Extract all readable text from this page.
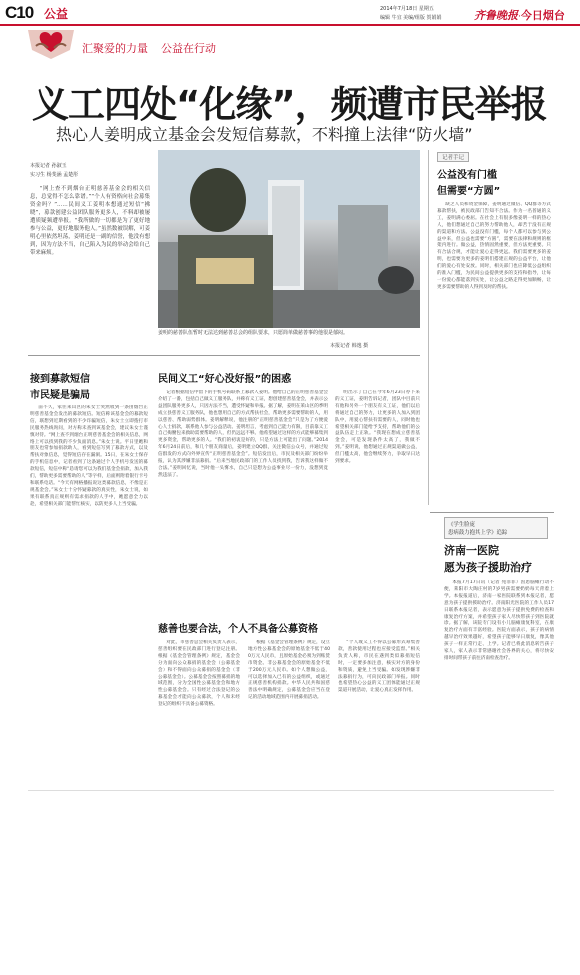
C10 公益	2014年7月18日 星期五
编辑 牛宜 美编/组版 贺娟娟	齐鲁晚报·今日烟台
汇聚爱的力量 公益在行动
义工四处“化缘”，频遭市民举报
热心人姜明成立基金会发短信募款，不料撞上法律“防火墙”
本报记者 孙淑玉
实习生 杨斐涵 孟楚彤

“网上查不到烟台正明慈善基金会的相关信息，总觉得不怎么靠谱。”“个人有资格向社会募集资金吗？”……民间义工姜明本想通过短信“拂晓”，募款创建公益团队服务更多人，不料却被屡遭质疑频遭举报。“我所做的一切都是为了更好地参与公益，更好地服务他人。”虽然数被误解，可姜明心里依然坦荡，姜明还是一副的信誉，他没有想到，因为方法不当，自己陷入为民的举动会给自己带来麻烦。

姜明的慈善队伍暂时无法达到慈善总会的组队要求，只愿简单做慈善事的他很是郁闷。
本报记者 韩逸 摄
记者手记
公益没有门槛
但需要“方圆”

缺乏人员和资金保障，姜明通过微信、QQ群等方式募款帮扶，被民政部门告知不合法。作为一名普通的义工，姜明满心委屈。在社会上有很多像姜明一样的热心人，他们想通过自己的努力帮助他人，却苦于没有正规的渠道和方法。公益没有门槛，每个人都可以参与到公益中来，但公益也需要“方圆”，需要在法律和规则的框架内进行。做公益，热情固然重要，但方法更重要。只有合法合规，才能让爱心走得更远。我们需要更多的姜明，也需要为更多的姜明们搭建正规的公益平台，让他们的爱心有处安放。同时，相关部门也应降低公益组织的准入门槛，为民间公益提供更多的支持和指导，让每一份爱心都能落到实处，让公益之路走得更加顺畅，让更多需要帮助的人得到及时的帮扶。

接到募款短信
市民疑是骗局

前不久，家住莱山区的朱女士突然收到一条由烟台正明慈善基金会发出的募款短信。短信称该基金会的募款短信，联想到近期看到的不少诈骗短信，朱女士立即拨打市民服务热线询问，对方称未查到该基金会，建议朱女士谨慎对待。“网上查不到烟台正明慈善基金会的相关信息，网络上可以找到我的不少负面消息。”朱女士说。平日里她和朋友也常参加捐款助人，看到短信写到了募款方式，以及帮扶对象信息，觉得短信存在漏洞。15日，在朱女士保存的手机信息中，记者看到了这条通过个人手机号发送的募款短信，短信中称“恳请您可以为我们基金会捐款，加入我们，帮助更多需要帮助的人”等字样，后面则附着银行卡号和联系电话。“今天有网格播报说这类募款信息，不像是正规基金会。”朱女士十分怀疑募款的真实性，朱女士说，如果有联系真正规则有需求捐款的人手中，她愿意全力以赴，希望相关部门能帮忙核实，以防更多人上当受骗。

民间义工“好心没好报”的困惑

记者根据短信中留下的手机号码联系上募款人姜明。他给自己的正明慈善基金会介绍了一番，包括自己做义工服务队，并称有义工证，想创建慈善基金会，并表示公益团队服务更多人，只因方法不当，遭受怀疑和举报。据了解，姜明在莱山区的季明成立县慈善义工服务队，他也想用自己的方式帮扶社会，帮助更多需要帮助的人，用以慈善、帮助弱势群体。姜明解释说，他注册的“正明慈善基金会”只是为了方便爱心人士捐款，联系他人参与公益活动。姜明坦言，考虑到自己能力有限，目前靠义工自己掏腰包来救助需要帮助的人，但仍远远不够。他希望通过这样的方式能够募集到更多资金，帮助更多的人。“我们的初衷是好的，只是方法上可能出了问题。”2014年6月24日前后，和几个朋友商量后，姜明建立QQ群，关注微信公众号，并通过短信群发的方式向外界宣传“正明慈善基金会”。短信发出后，市民及相关部门纷纷举报，认为其涉嫌非法募捐。“后来当地民政部门的工作人员找到我，告诉我这样做不合法。”姜明回忆说，当时他一头雾水，自己只是想为公益事业尽一份力，没想到竟然违法了。

明出示了自己在今年6月23日办下来的义工证，姜明告诉记者，团队中目前只有他和另外一个朋友有义工证，他们以后将通过自己的努力，让更多的人加入到团队中，用爱心帮扶有需要的人，同时他也希望相关部门能给予支持，帮助他们的公益队伍走上正轨。“我现在想成立慈善基金会，可是发现条件太高了，我做不到。”姜明说，他想通过正规渠道做公益，但门槛太高，他会继续努力，争取早日达到要求。

慈善也要合法，个人不具备公募资格

对此，市慈善总会相关负责人表示，慈善组织要在民政部门进行登记注册。根据《基金会管理条例》规定，基金会分为面向公众募捐的基金会（公募基金会）和不得面向公众募捐的基金会（非公募基金会）。公募基金会按照募捐的地域范围，分为全国性公募基金会和地方性公募基金会。只有经过合法登记的公募基金会才能向公众募款，个人和未经登记的组织不具备公募资格。

根据《基金会管理条例》规定，设立地方性公募基金会的原始基金不低于400万元人民币，且原始基金必须为到账货币资金。非公募基金会的原始基金不低于200万元人民币。如个人想做公益，可以选择加入已有的公益组织，或通过正规慈善机构捐款。中华人民共和国慈善法中明确规定，公募基金会应当在登记的活动地域范围内开展募捐活动。

“个人或义工不得以公募形式筹集善款，善款使用过程也应接受监督。”相关负责人称，市民在遇到类似募捐短信时，一定要多加注意，核实对方的身份和资质，避免上当受骗。如发现涉嫌非法募捐行为，可向民政部门举报。同时也希望热心公益的义工团体能通过正规渠道开展活动，让爱心真正发挥作用。

《学生脸庞
患病鼓力抱其上学》追踪
济南一医院
愿为孩子援助治疗

本报7月17日讯（记者 苑菲菲）因患脑瘫行动不便，莱阳市大陶庄村的7岁男孩需要奶奶每天背着上学。本报报道后，济南一家医院联系到本报记者，愿意为孩子提供援助治疗。济南阳光医院的工作人员17日联系本报记者，表示愿意为孩子提供免费的检查和康复治疗方案，并希望孩子家人尽快带孩子到医院就诊。据了解，该院专门设有小儿脑瘫康复科室，在康复治疗方面有丰富经验。医院方面表示，孩子的病情越早治疗效果越好，希望孩子能够早日康复，像其他孩子一样正常行走、上学。记者已将此消息转告孩子家人，家人表示非常感谢社会各界的关心，将尽快安排时间带孩子前往济南检查治疗。
